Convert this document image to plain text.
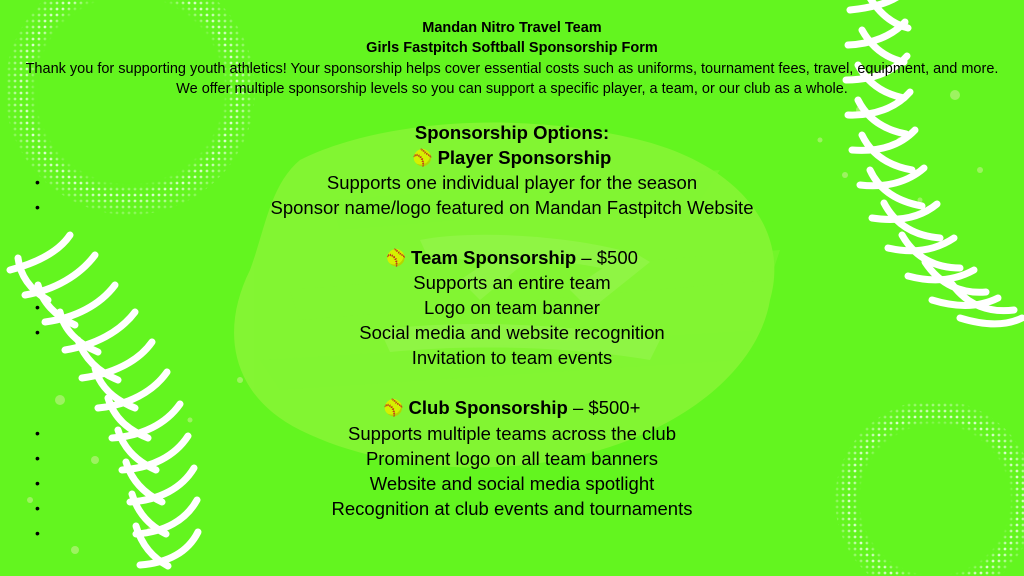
Mandan Nitro Travel Team
Girls Fastpitch Softball Sponsorship Form
Thank you for supporting youth athletics! Your sponsorship helps cover essential costs such as uniforms, tournament fees, travel, equipment, and more.
We offer multiple sponsorship levels so you can support a specific player, a team, or our club as a whole.
Sponsorship Options:
🥎 Player Sponsorship
Supports one individual player for the season
Sponsor name/logo featured on Mandan Fastpitch Website
🥎 Team Sponsorship – $500
Supports an entire team
Logo on team banner
Social media and website recognition
Invitation to team events
🥎 Club Sponsorship – $500+
Supports multiple teams across the club
Prominent logo on all team banners
Website and social media spotlight
Recognition at club events and tournaments
•
•
•
•
•
•
•
•
•
